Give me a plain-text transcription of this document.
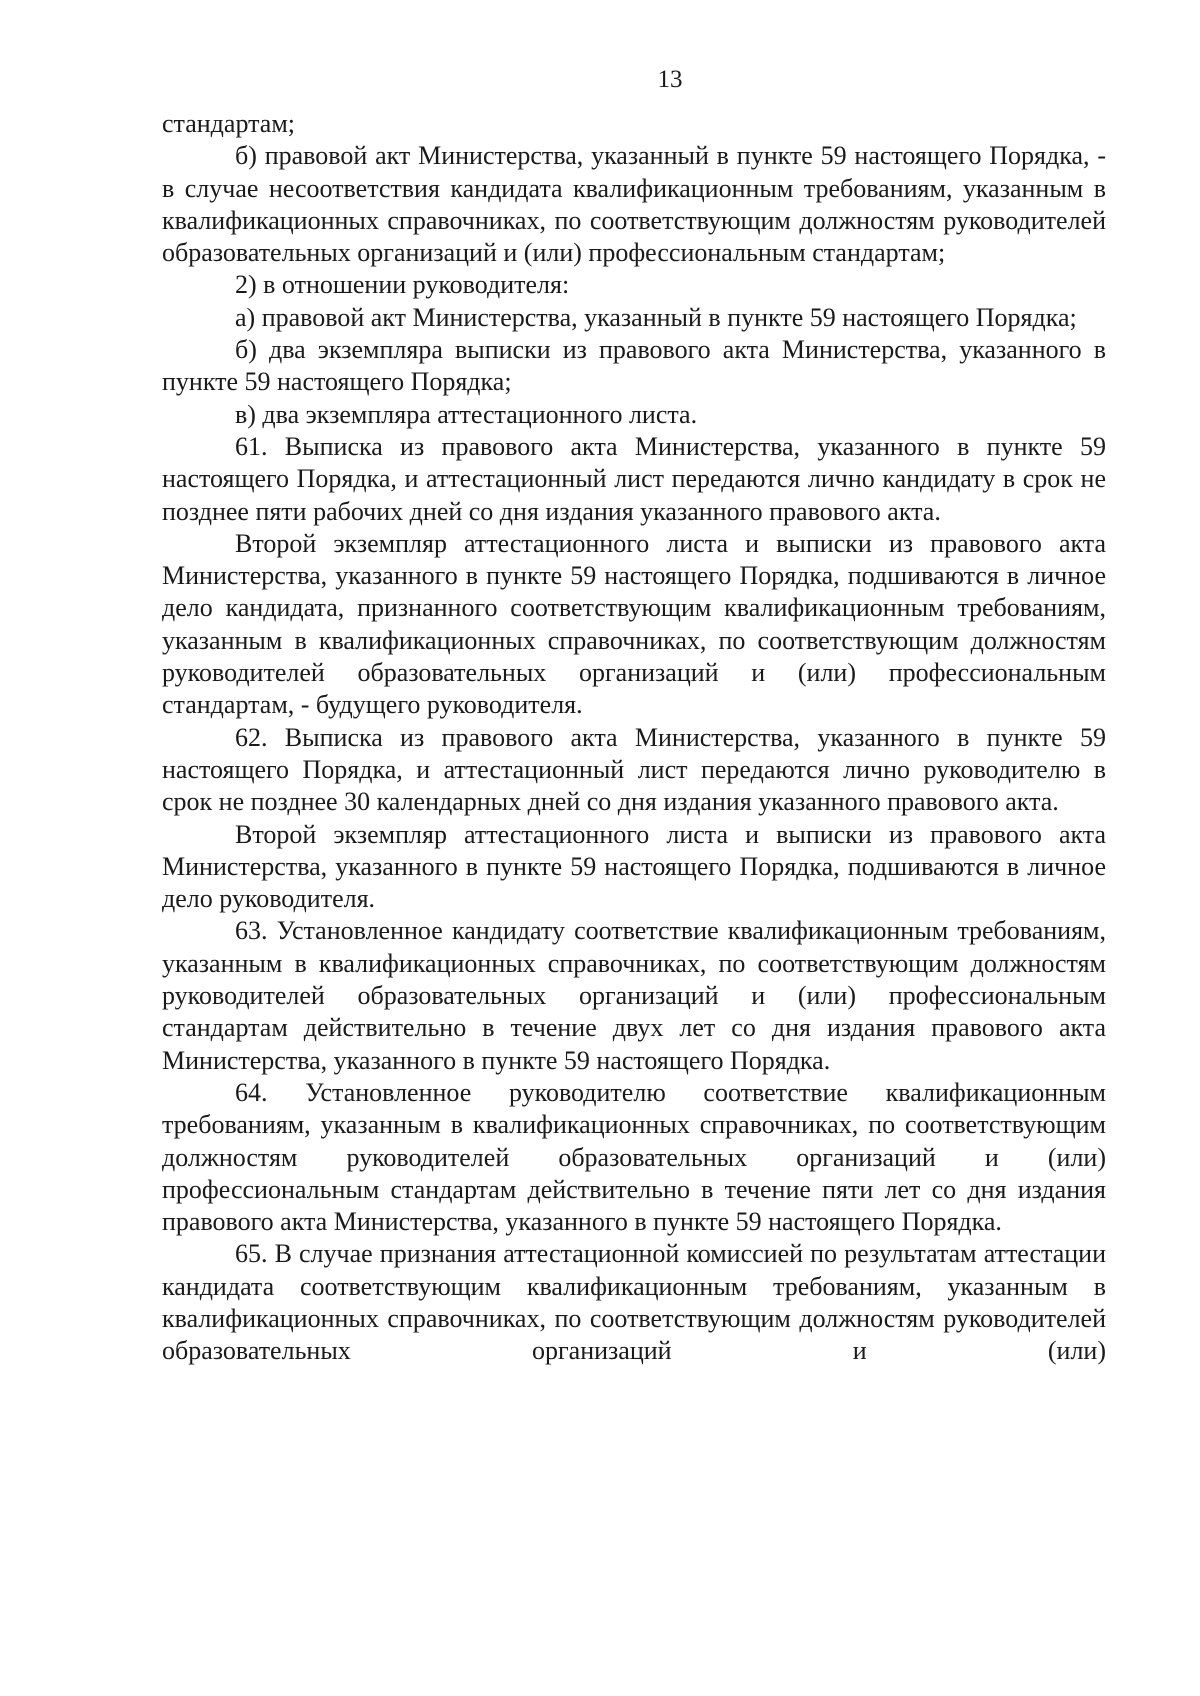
13

стандартам;

б) правовой акт Министерства, указанный в пункте 59 настоящего Порядка, - в случае несоответствия кандидата квалификационным требованиям, указанным в квалификационных справочниках, по соответствующим должностям руководителей образовательных организаций и (или) профессиональным стандартам;

2) в отношении руководителя:

а) правовой акт Министерства, указанный в пункте 59 настоящего Порядка;

б) два экземпляра выписки из правового акта Министерства, указанного в пункте 59 настоящего Порядка;

в) два экземпляра аттестационного листа.

61. Выписка из правового акта Министерства, указанного в пункте 59 настоящего Порядка, и аттестационный лист передаются лично кандидату в срок не позднее пяти рабочих дней со дня издания указанного правового акта.

Второй экземпляр аттестационного листа и выписки из правового акта Министерства, указанного в пункте 59 настоящего Порядка, подшиваются в личное дело кандидата, признанного соответствующим квалификационным требованиям, указанным в квалификационных справочниках, по соответствующим должностям руководителей образовательных организаций и (или) профессиональным стандартам, - будущего руководителя.

62. Выписка из правового акта Министерства, указанного в пункте 59 настоящего Порядка, и аттестационный лист передаются лично руководителю в срок не позднее 30 календарных дней со дня издания указанного правового акта.

Второй экземпляр аттестационного листа и выписки из правового акта Министерства, указанного в пункте 59 настоящего Порядка, подшиваются в личное дело руководителя.

63. Установленное кандидату соответствие квалификационным требованиям, указанным в квалификационных справочниках, по соответствующим должностям руководителей образовательных организаций и (или) профессиональным стандартам действительно в течение двух лет со дня издания правового акта Министерства, указанного в пункте 59 настоящего Порядка.

64. Установленное руководителю соответствие квалификационным требованиям, указанным в квалификационных справочниках, по соответствующим должностям руководителей образовательных организаций и (или) профессиональным стандартам действительно в течение пяти лет со дня издания правового акта Министерства, указанного в пункте 59 настоящего Порядка.

65. В случае признания аттестационной комиссией по результатам аттестации кандидата соответствующим квалификационным требованиям, указанным в квалификационных справочниках, по соответствующим должностям руководителей образовательных организаций и (или)
